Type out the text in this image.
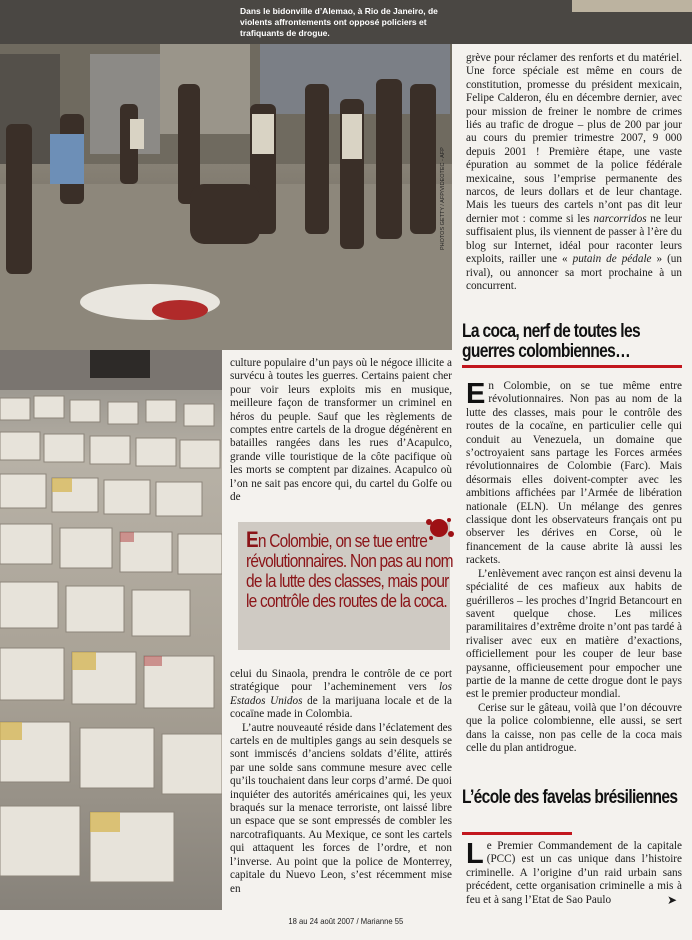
Dans le bidonville d’Alemao, à Rio de Janeiro, de violents affrontements ont opposé policiers et trafiquants de drogue.
PHOTOS GETTY / AFP/VIDEOTEC - AFP

culture populaire d’un pays où le négoce illicite a survécu à toutes les guerres. Certains paient cher pour voir leurs exploits mis en musique, meilleure façon de transformer un criminel en héros du peuple. Sauf que les règlements de comptes entre cartels de la drogue dégénèrent en batailles rangées dans les rues d’Acapulco, grande ville touristique de la côte pacifique où les morts se comptent par dizaines. Acapulco où l’on ne sait pas encore qui, du cartel du Golfe ou de

En Colombie, on se tue entre révolutionnaires. Non pas au nom de la lutte des classes, mais pour le contrôle des routes de la coca.

celui du Sinaola, prendra le contrôle de ce port stratégique pour l’acheminement vers los Estados Unidos de la marijuana locale et de la cocaïne made in Colombia.

L’autre nouveauté réside dans l’éclatement des cartels en de multiples gangs au sein desquels se sont immiscés d’anciens soldats d’élite, attirés par une solde sans commune mesure avec celle qu’ils touchaient dans leur corps d’armé. De quoi inquiéter des autorités américaines qui, les yeux braqués sur la menace terroriste, ont laissé libre un espace que se sont empressés de combler les narcotrafiquants. Au Mexique, ce sont les cartels qui attaquent les forces de l’ordre, et non l’inverse. Au point que la police de Monterrey, capitale du Nuevo Leon, s’est récemment mise en

grève pour réclamer des renforts et du matériel. Une force spéciale est même en cours de constitution, promesse du président mexicain, Felipe Calderon, élu en décembre dernier, avec pour mission de freiner le nombre de crimes liés au trafic de drogue – plus de 200 par jour au cours du premier trimestre 2007, 9 000 depuis 2001 ! Première étape, une vaste épuration au sommet de la police fédérale mexicaine, sous l’emprise permanente des narcos, de leurs dollars et de leur chantage. Mais les tueurs des cartels n’ont pas dit leur dernier mot : comme si les narcorridos ne leur suffisaient plus, ils viennent de passer à l’ère du blog sur Internet, idéal pour raconter leurs exploits, railler une « putain de pédale » (un rival), ou annoncer sa mort prochaine à un concurrent.

La coca, nerf de toutes les guerres colombiennes…

En Colombie, on se tue même entre révolutionnaires. Non pas au nom de la lutte des classes, mais pour le contrôle des routes de la cocaïne, en particulier celle qui conduit au Venezuela, un domaine que s’octroyaient sans partage les Forces armées révolutionnaires de Colombie (Farc). Mais désormais elles doivent-compter avec les ambitions affichées par l’Armée de libération nationale (ELN). Un mélange des genres classique dont les observateurs français ont pu observer les dérives en Corse, où le financement de la cause abrite là aussi les rackets.

L’enlèvement avec rançon est ainsi devenu la spécialité de ces mafieux aux habits de guérilleros – les proches d’Ingrid Betancourt en savent quelque chose. Les milices paramilitaires d’extrême droite n’ont pas tardé à rivaliser avec eux en matière d’exactions, officiellement pour les couper de leur base paysanne, officieusement pour empocher une partie de la manne de cette drogue dont le pays est le premier producteur mondial.

Cerise sur le gâteau, voilà que l’on découvre que la police colombienne, elle aussi, se sert dans la caisse, non pas celle de la coca mais celle du plan antidrogue.

L’école des favelas brésiliennes

Le Premier Commandement de la capitale (PCC) est un cas unique dans l’histoire criminelle. A l’origine d’un raid urbain sans précédent, cette organisation criminelle a mis à feu et à sang l’Etat de Sao Paulo	➤
18 au 24 août 2007 / Marianne 55
